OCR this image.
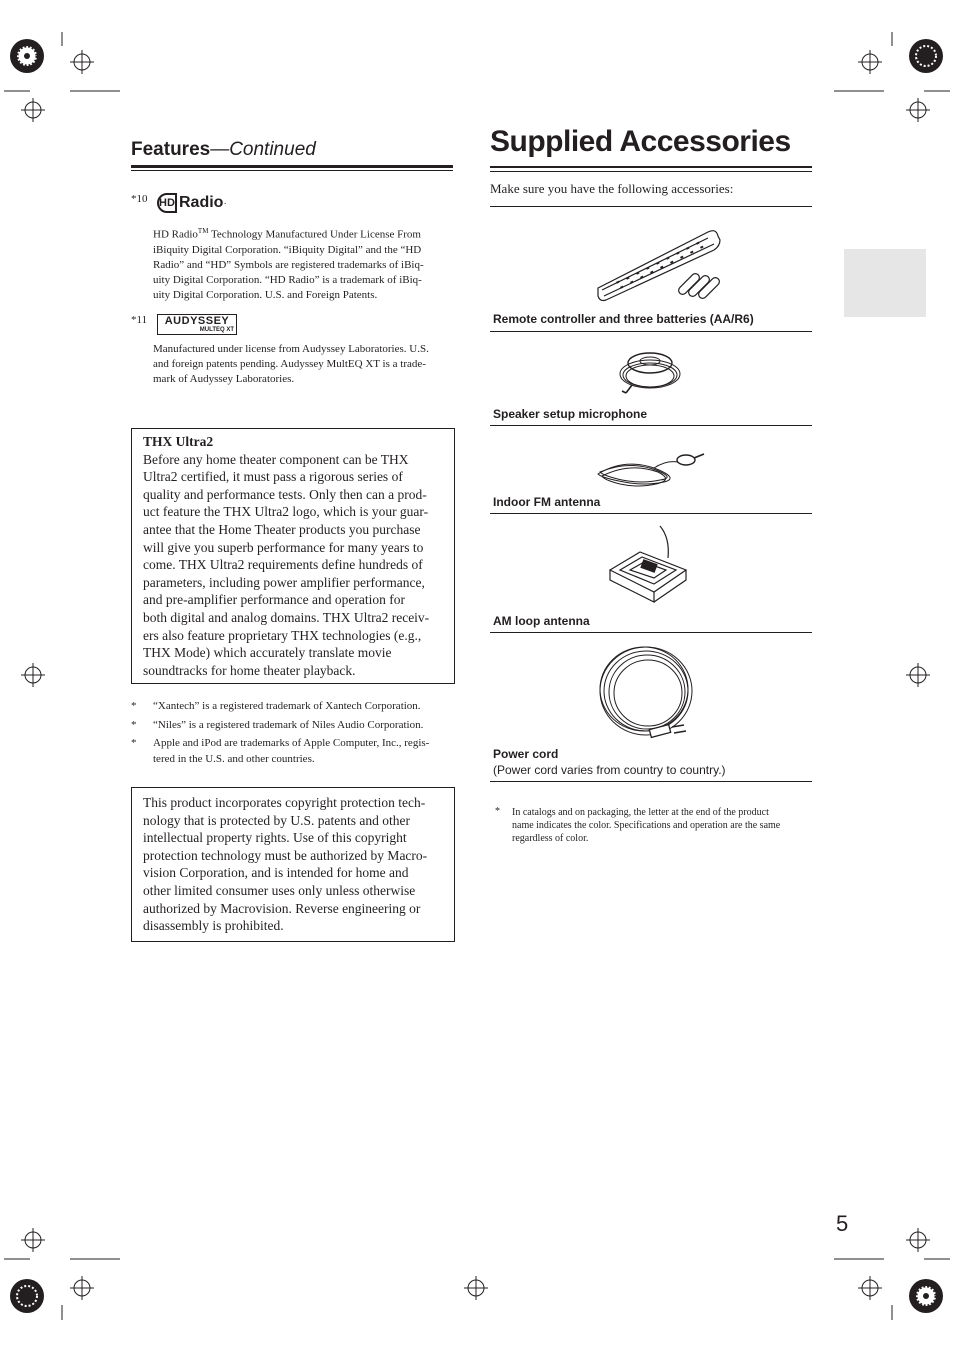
Features—Continued
*10 HD Radio ·
HD Radio™ Technology Manufactured Under License From
iBiquity Digital Corporation. “iBiquity Digital” and the “HD
Radio” and “HD” Symbols are registered trademarks of iBiq-
uity Digital Corporation. “HD Radio” is a trademark of iBiq-
uity Digital Corporation. U.S. and Foreign Patents.
*11	AUDYSSEY
MULTEQ XT
Manufactured under license from Audyssey Laboratories. U.S.
and foreign patents pending. Audyssey MultEQ XT is a trade-
mark of Audyssey Laboratories.
THX Ultra2
Before any home theater component can be THX
Ultra2 certified, it must pass a rigorous series of
quality and performance tests. Only then can a prod-
uct feature the THX Ultra2 logo, which is your guar-
antee that the Home Theater products you purchase
will give you superb performance for many years to
come. THX Ultra2 requirements define hundreds of
parameters, including power amplifier performance,
and pre-amplifier performance and operation for
both digital and analog domains. THX Ultra2 receiv-
ers also feature proprietary THX technologies (e.g.,
THX Mode) which accurately translate movie
soundtracks for home theater playback.
* “Xantech” is a registered trademark of Xantech Corporation.
* “Niles” is a registered trademark of Niles Audio Corporation.
* Apple and iPod are trademarks of Apple Computer, Inc., regis-
tered in the U.S. and other countries.
This product incorporates copyright protection tech-
nology that is protected by U.S. patents and other
intellectual property rights. Use of this copyright
protection technology must be authorized by Macro-
vision Corporation, and is intended for home and
other limited consumer uses only unless otherwise
authorized by Macrovision. Reverse engineering or
disassembly is prohibited.
Supplied Accessories
Make sure you have the following accessories:
Remote controller and three batteries (AA/R6)
Speaker setup microphone
Indoor FM antenna
AM loop antenna
Power cord
(Power cord varies from country to country.)
* In catalogs and on packaging, the letter at the end of the product
name indicates the color. Specifications and operation are the same
regardless of color.
5
